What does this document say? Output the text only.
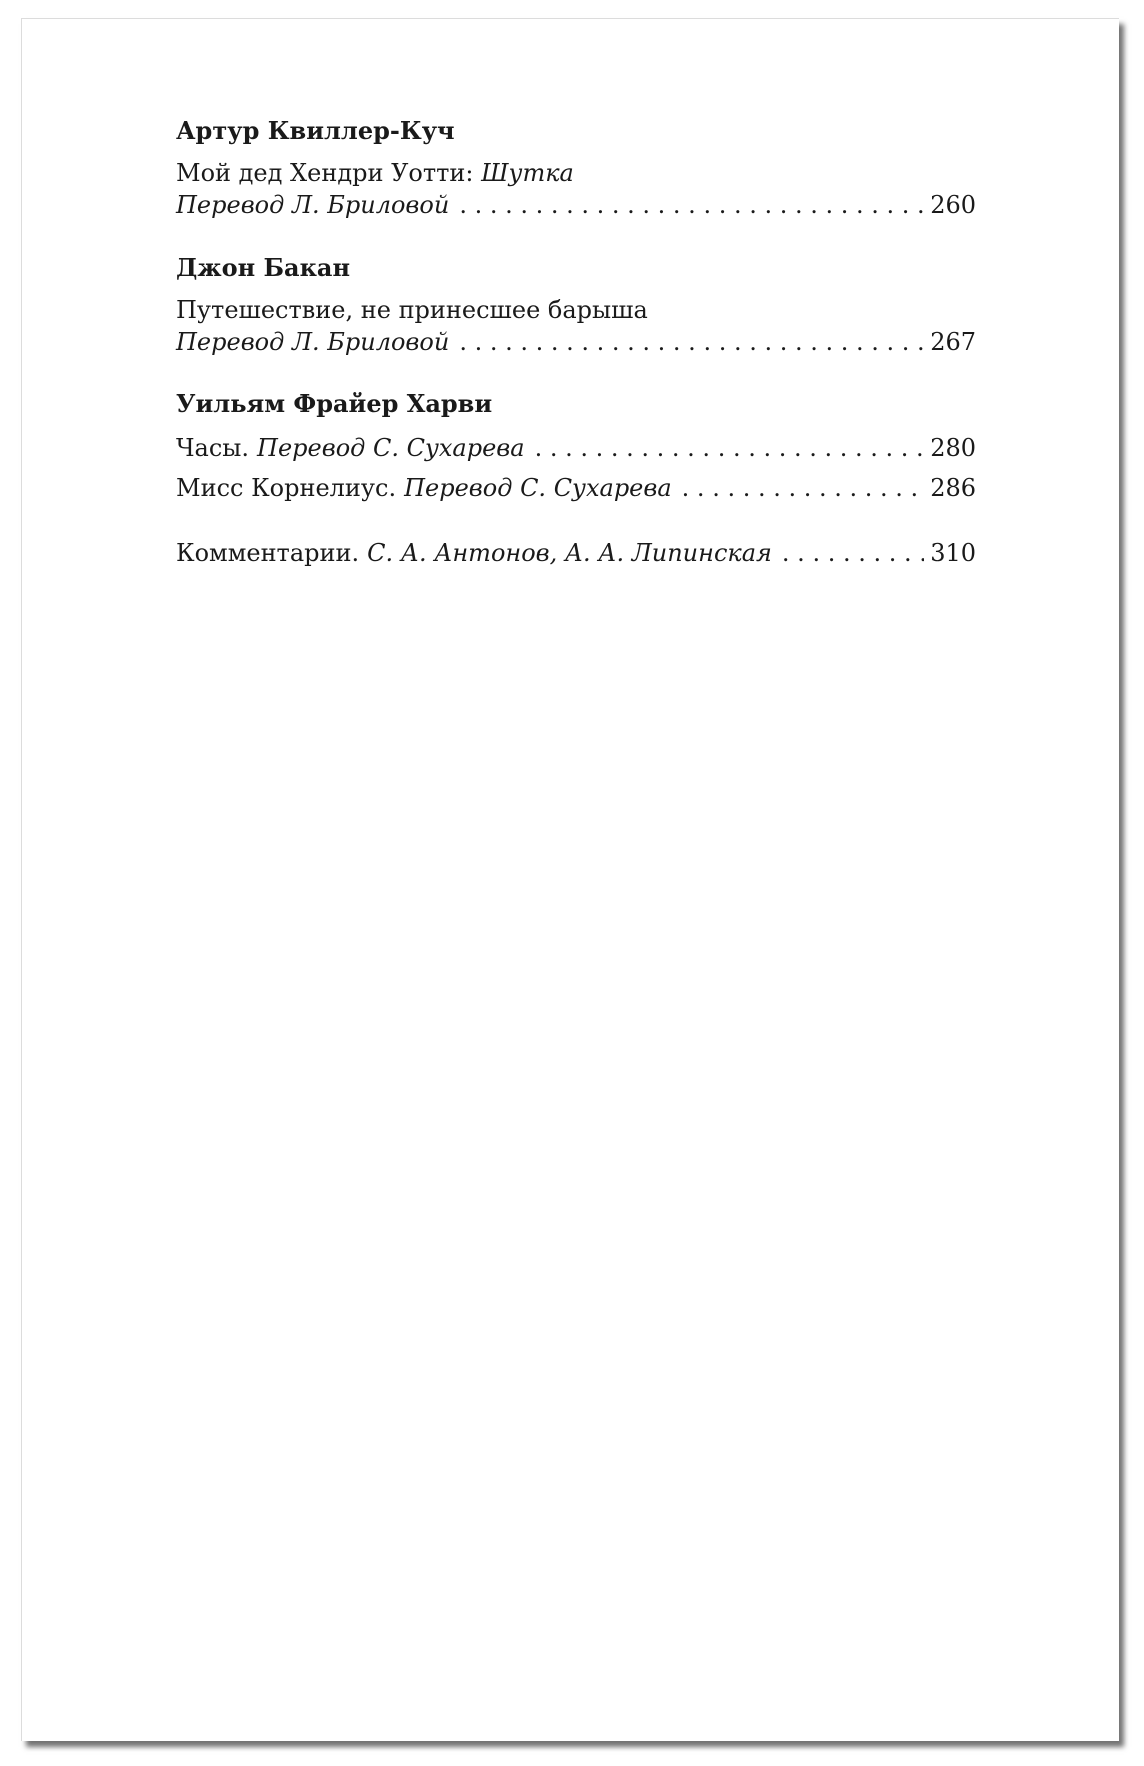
Артур Квиллер-Куч
Мой дед Хендри Уотти: Шутка
Перевод Л. Бриловой . . .	260
Джон Бакан
Путешествие, не принесшее барыша
Перевод Л. Бриловой . . .	267
Уильям Фрайер Харви
Часы. Перевод С. Сухарева . . .	280
Мисс Корнелиус. Перевод С. Сухарева . . .	286
Комментарии. С. А. Антонов, А. А. Липинская . . .	310
